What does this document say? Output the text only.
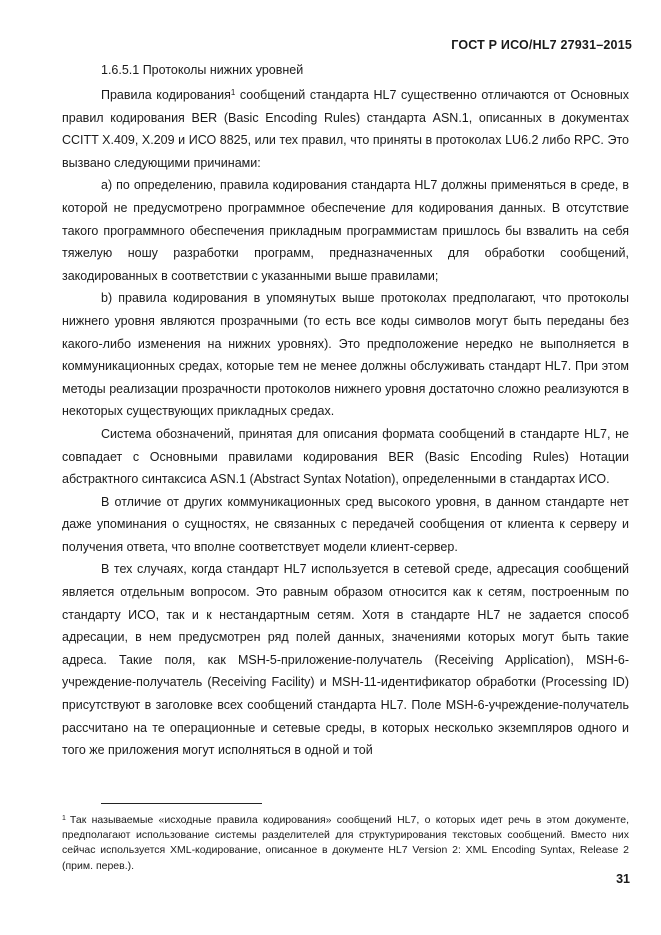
ГОСТ Р ИСО/HL7 27931–2015
1.6.5.1 Протоколы нижних уровней

Правила кодирования$^1$ сообщений стандарта HL7 существенно отличаются от Основных правил кодирования BER (Basic Encoding Rules) стандарта ASN.1, описанных в документах CCITT X.409, X.209 и ИСО 8825, или тех правил, что приняты в протоколах LU6.2 либо RPC. Это вызвано следующими причинами:

a) по определению, правила кодирования стандарта HL7 должны применяться в среде, в которой не предусмотрено программное обеспечение для кодирования данных. В отсутствие такого программного обеспечения прикладным программистам пришлось бы взвалить на себя тяжелую ношу разработки программ, предназначенных для обработки сообщений, закодированных в соответствии с указанными выше правилами;

b) правила кодирования в упомянутых выше протоколах предполагают, что протоколы нижнего уровня являются прозрачными (то есть все коды символов могут быть переданы без какого-либо изменения на нижних уровнях). Это предположение нередко не выполняется в коммуникационных средах, которые тем не менее должны обслуживать стандарт HL7. При этом методы реализации прозрачности протоколов нижнего уровня достаточно сложно реализуются в некоторых существующих прикладных средах.

Система обозначений, принятая для описания формата сообщений в стандарте HL7, не совпадает с Основными правилами кодирования BER (Basic Encoding Rules) Нотации абстрактного синтаксиса ASN.1 (Abstract Syntax Notation), определенными в стандартах ИСО.

В отличие от других коммуникационных сред высокого уровня, в данном стандарте нет даже упоминания о сущностях, не связанных с передачей сообщения от клиента к серверу и получения ответа, что вполне соответствует модели клиент-сервер.

В тех случаях, когда стандарт HL7 используется в сетевой среде, адресация сообщений является отдельным вопросом. Это равным образом относится как к сетям, построенным по стандарту ИСО, так и к нестандартным сетям. Хотя в стандарте HL7 не задается способ адресации, в нем предусмотрен ряд полей данных, значениями которых могут быть такие адреса. Такие поля, как MSH-5-приложение-получатель (Receiving Application), MSH-6-учреждение-получатель (Receiving Facility) и MSH-11-идентификатор обработки (Processing ID) присутствуют в заголовке всех сообщений стандарта HL7. Поле MSH-6-учреждение-получатель рассчитано на те операционные и сетевые среды, в которых несколько экземпляров одного и того же приложения могут исполняться в одной и той

$^1$ Так называемые «исходные правила кодирования» сообщений HL7, о которых идет речь в этом документе, предполагают использование системы разделителей для структурирования текстовых сообщений. Вместо них сейчас используется XML-кодирование, описанное в документе HL7 Version 2: XML Encoding Syntax, Release 2 (прим. перев.).
31
